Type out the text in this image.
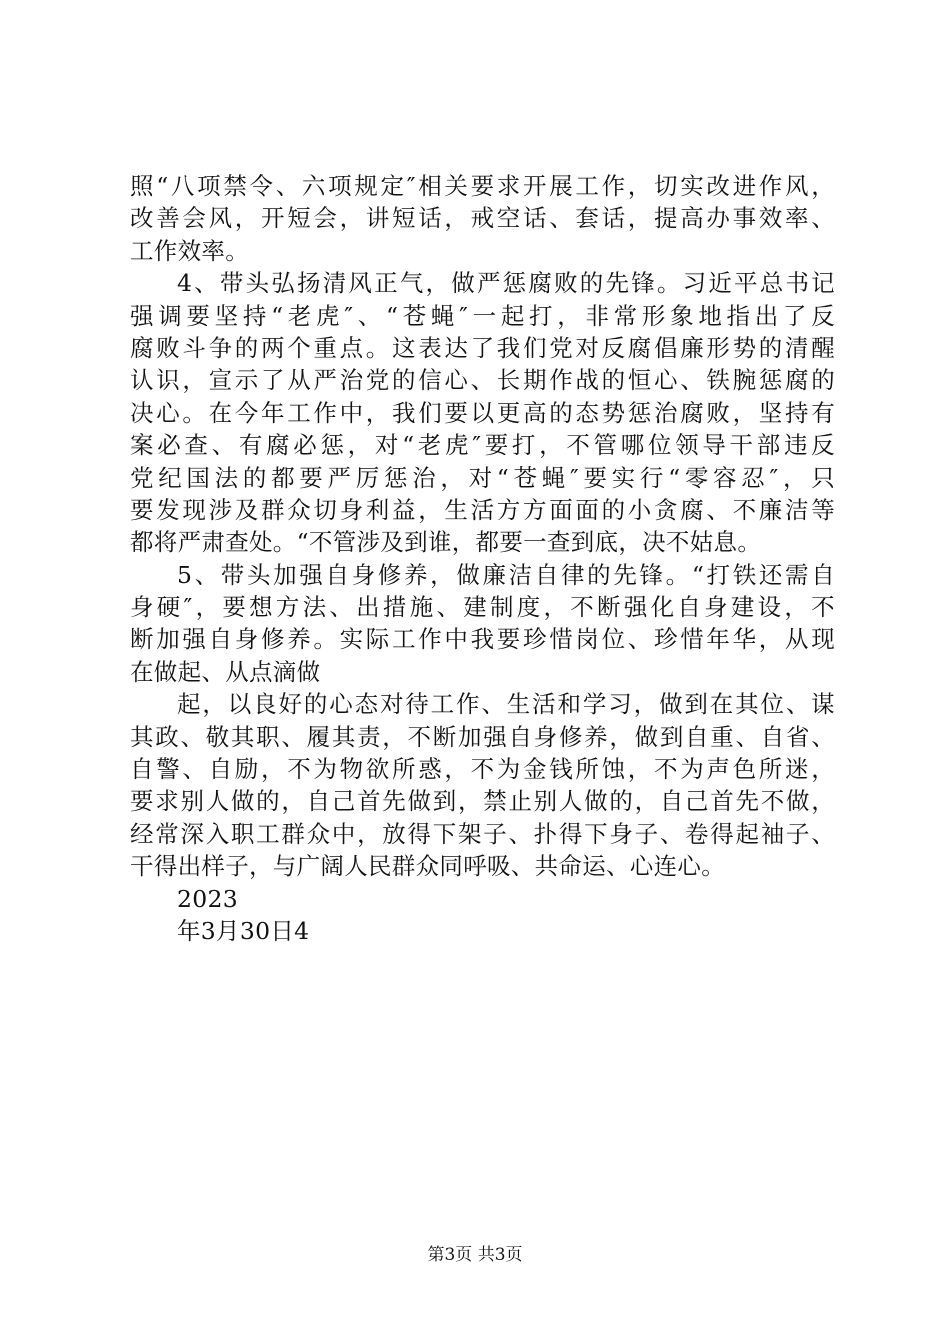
照“八项禁令、六项规定″相关要求开展工作，切实改进作风，
改善会风，开短会，讲短话，戒空话、套话，提高办事效率、
工作效率。
4、带头弘扬清风正气，做严惩腐败的先锋。习近平总书记
强调要坚持“老虎″、“苍蝇″一起打，非常形象地指出了反
腐败斗争的两个重点。这表达了我们党对反腐倡廉形势的清醒
认识，宣示了从严治党的信心、长期作战的恒心、铁腕惩腐的
决心。在今年工作中，我们要以更高的态势惩治腐败，坚持有
案必查、有腐必惩，对“老虎″要打，不管哪位领导干部违反
党纪国法的都要严厉惩治，对“苍蝇″要实行“零容忍″，只
要发现涉及群众切身利益，生活方方面面的小贪腐、不廉洁等
都将严肃查处。“不管涉及到谁，都要一查到底，决不姑息。
5、带头加强自身修养，做廉洁自律的先锋。“打铁还需自
身硬″，要想方法、出措施、建制度，不断强化自身建设，不
断加强自身修养。实际工作中我要珍惜岗位、珍惜年华，从现
在做起、从点滴做
起，以良好的心态对待工作、生活和学习，做到在其位、谋
其政、敬其职、履其责，不断加强自身修养，做到自重、自省、
自警、自励，不为物欲所惑，不为金钱所蚀，不为声色所迷，
要求别人做的，自己首先做到，禁止别人做的，自己首先不做，
经常深入职工群众中，放得下架子、扑得下身子、卷得起袖子、
干得出样子，与广阔人民群众同呼吸、共命运、心连心。
2023
年3月30日4
第3页 共3页
